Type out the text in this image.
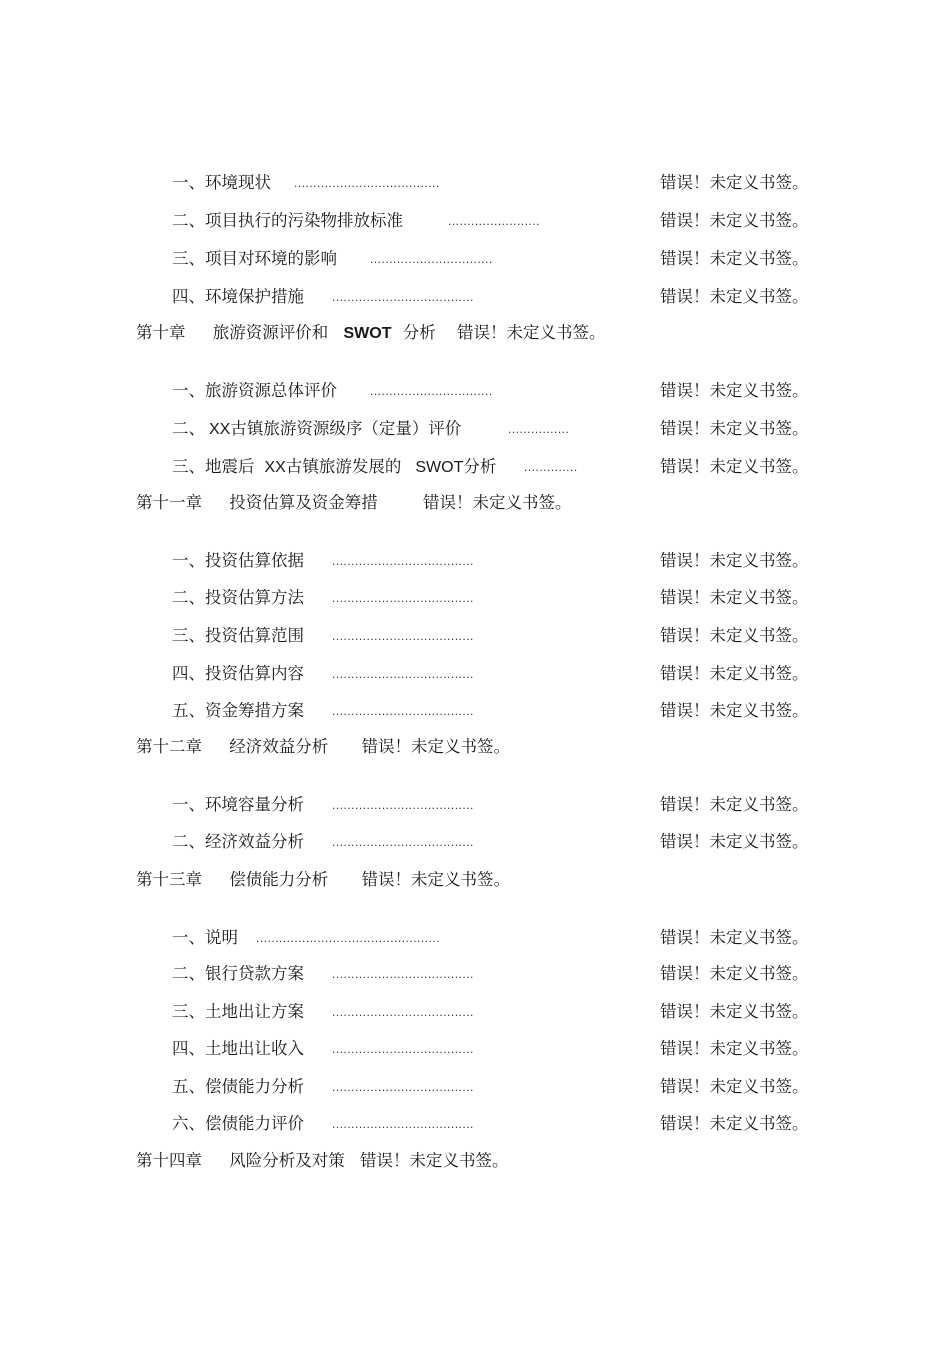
一、环境现状 ......................................	错误！未定义书签。
二、项目执行的污染物排放标准	........................	错误！未定义书签。
三、项目对环境的影响	................................	错误！未定义书签。
四、环境保护措施 .....................................	错误！未定义书签。
第十章 旅游资源评价和 SWOT 分析 错误！未定义书签。
一、旅游资源总体评价	................................	错误！未定义书签。
二、 XX古镇旅游资源级序（定量）评价	................	错误！未定义书签。
三、地震后 XX古镇旅游发展的 SWOT分析 ..............	错误！未定义书签。
第十一章 投资估算及资金筹措	错误！未定义书签。
一、投资估算依据 .....................................	错误！未定义书签。
二、投资估算方法 .....................................	错误！未定义书签。
三、投资估算范围 .....................................	错误！未定义书签。
四、投资估算内容 .....................................	错误！未定义书签。
五、资金筹措方案 .....................................	错误！未定义书签。
第十二章 经济效益分析 错误！未定义书签。
一、环境容量分析 .....................................	错误！未定义书签。
二、经济效益分析 .....................................	错误！未定义书签。
第十三章 偿债能力分析 错误！未定义书签。
一、说明 ................................................	错误！未定义书签。
二、银行贷款方案 .....................................	错误！未定义书签。
三、土地出让方案 .....................................	错误！未定义书签。
四、土地出让收入 .....................................	错误！未定义书签。
五、偿债能力分析 .....................................	错误！未定义书签。
六、偿债能力评价 .....................................	错误！未定义书签。
第十四章 风险分析及对策 错误！未定义书签。
